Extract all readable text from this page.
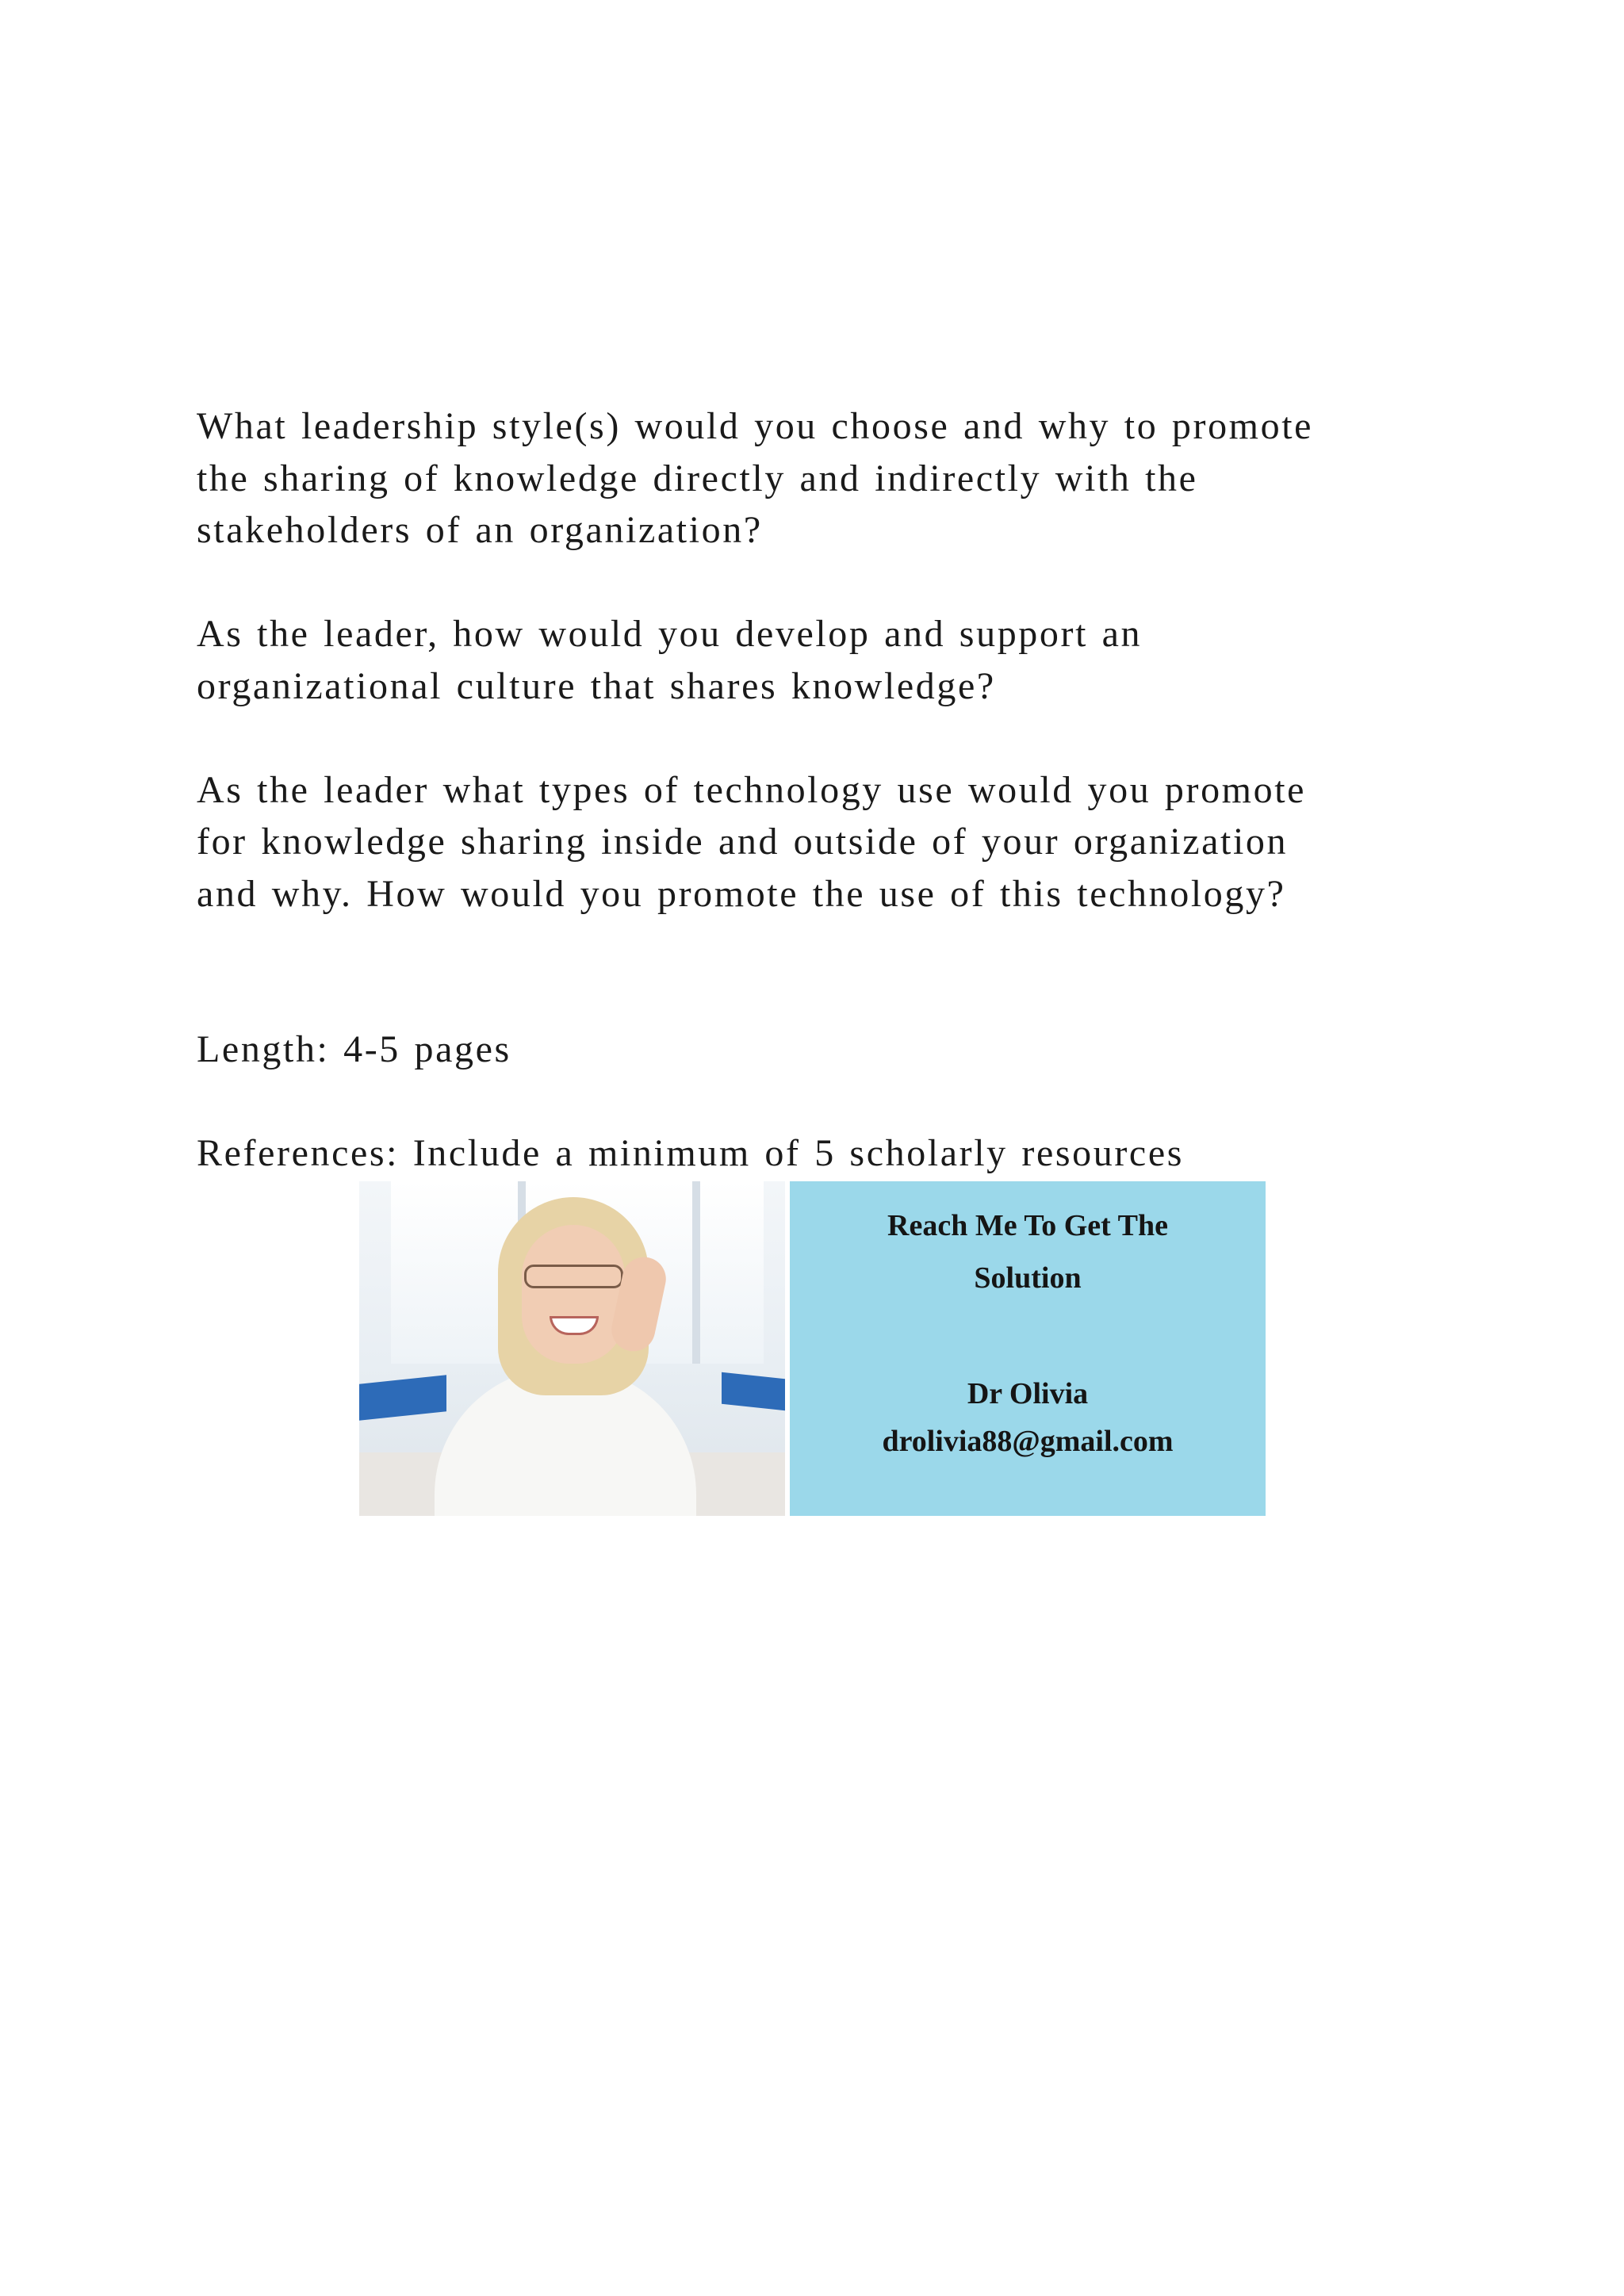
What leadership style(s) would you choose and why to promote
the sharing of knowledge directly and indirectly with the
stakeholders of an organization?

As the leader, how would you develop and support an
organizational culture that shares knowledge?

As the leader what types of technology use would you promote
for knowledge sharing inside and outside of your organization
and why. How would you promote the use of this technology?

Length: 4-5 pages

References: Include a minimum of 5 scholarly resources

Reach Me To Get The
Solution
Dr Olivia
drolivia88@gmail.com
